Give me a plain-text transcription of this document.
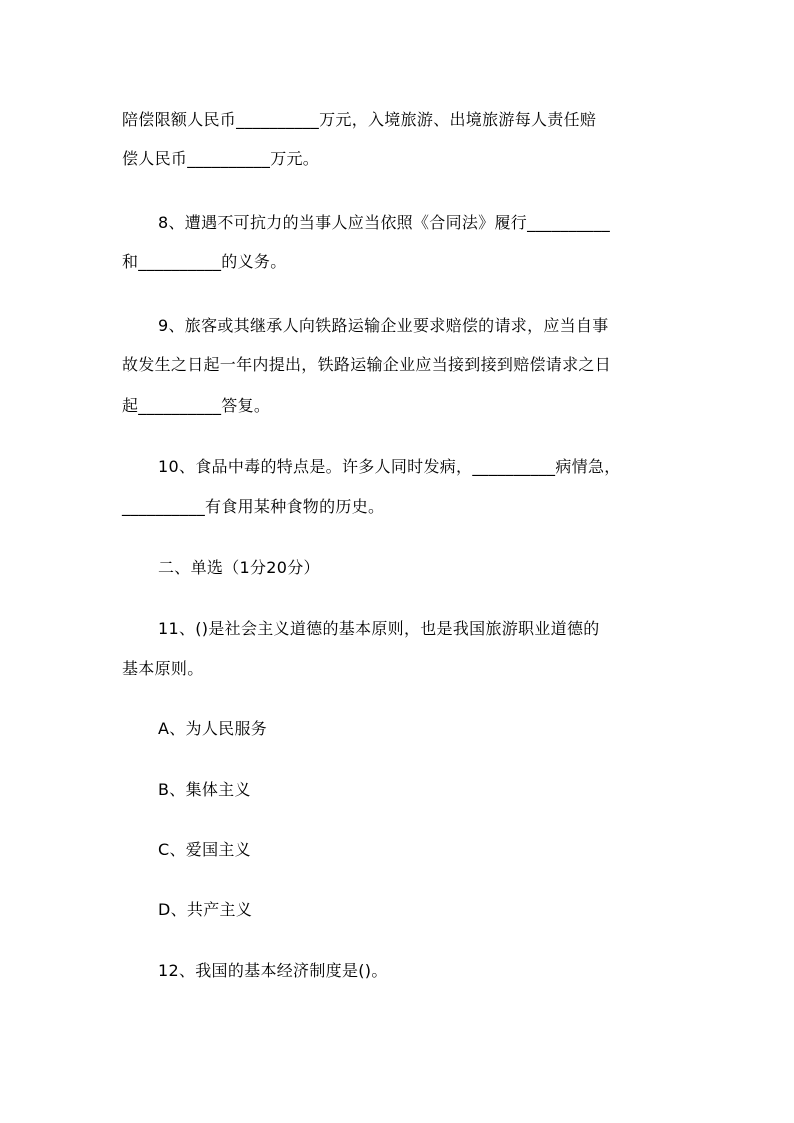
陪偿限额人民币__________万元，入境旅游、出境旅游每人责任赔
偿人民币__________万元。
8、遭遇不可抗力的当事人应当依照《合同法》履行__________
和__________的义务。
9、旅客或其继承人向铁路运输企业要求赔偿的请求，应当自事
故发生之日起一年内提出，铁路运输企业应当接到接到赔偿请求之日
起__________答复。
10、食品中毒的特点是。许多人同时发病，__________病情急，
__________有食用某种食物的历史。
二、单选（1分20分）
11、()是社会主义道德的基本原则，也是我国旅游职业道德的
基本原则。
A、为人民服务
B、集体主义
C、爱国主义
D、共产主义
12、我国的基本经济制度是()。
